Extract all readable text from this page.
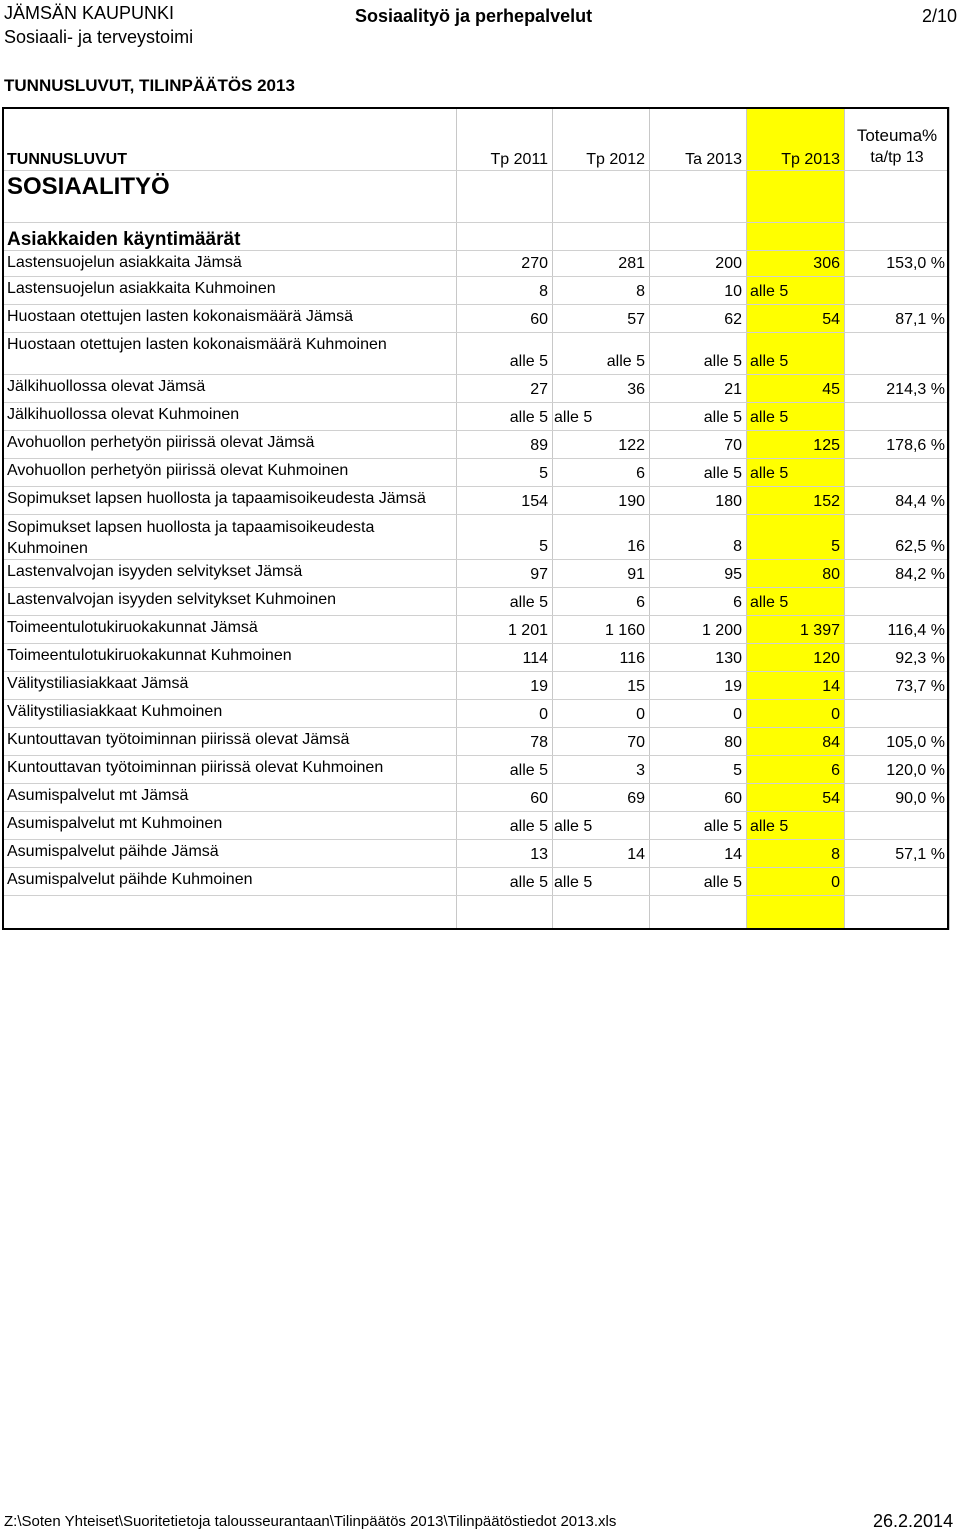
JÄMSÄN KAUPUNKI
Sosiaali- ja terveystoimi
Sosiaalityö ja perhepalvelut	2/10
TUNNUSLUVUT, TILINPÄÄTÖS 2013
TUNNUSLUVUT	Tp 2011	Tp 2012	Ta 2013	Tp 2013	Toteuma%
ta/tp 13

SOSIAALITYÖ					
Asiakkaiden käyntimäärät					
Lastensuojelun asiakkaita Jämsä	270	281	200	306	153,0 %
Lastensuojelun asiakkaita Kuhmoinen	8	8	10	alle 5	
Huostaan otettujen lasten kokonaismäärä Jämsä	60	57	62	54	87,1 %
Huostaan otettujen lasten kokonaismäärä Kuhmoinen	alle 5	alle 5	alle 5	alle 5	
Jälkihuollossa olevat Jämsä	27	36	21	45	214,3 %
Jälkihuollossa olevat Kuhmoinen	alle 5	alle 5	alle 5	alle 5	
Avohuollon perhetyön piirissä olevat Jämsä	89	122	70	125	178,6 %
Avohuollon perhetyön piirissä olevat Kuhmoinen	5	6	alle 5	alle 5	
Sopimukset lapsen huollosta ja tapaamisoikeudesta Jämsä	154	190	180	152	84,4 %
Sopimukset lapsen huollosta ja tapaamisoikeudesta Kuhmoinen	5	16	8	5	62,5 %
Lastenvalvojan isyyden selvitykset Jämsä	97	91	95	80	84,2 %
Lastenvalvojan isyyden selvitykset Kuhmoinen	alle 5	6	6	alle 5	
Toimeentulotukiruokakunnat Jämsä	1 201	1 160	1 200	1 397	116,4 %
Toimeentulotukiruokakunnat Kuhmoinen	114	116	130	120	92,3 %
Välitystiliasiakkaat Jämsä	19	15	19	14	73,7 %
Välitystiliasiakkaat Kuhmoinen	0	0	0	0	
Kuntouttavan työtoiminnan piirissä olevat Jämsä	78	70	80	84	105,0 %
Kuntouttavan työtoiminnan piirissä olevat Kuhmoinen	alle 5	3	5	6	120,0 %
Asumispalvelut mt Jämsä	60	69	60	54	90,0 %
Asumispalvelut mt Kuhmoinen	alle 5	alle 5	alle 5	alle 5	
Asumispalvelut päihde Jämsä	13	14	14	8	57,1 %
Asumispalvelut päihde Kuhmoinen	alle 5	alle 5	alle 5	0	

Z:\Soten Yhteiset\Suoritetietoja talousseurantaan\Tilinpäätös 2013\Tilinpäätöstiedot 2013.xls	26.2.2014
